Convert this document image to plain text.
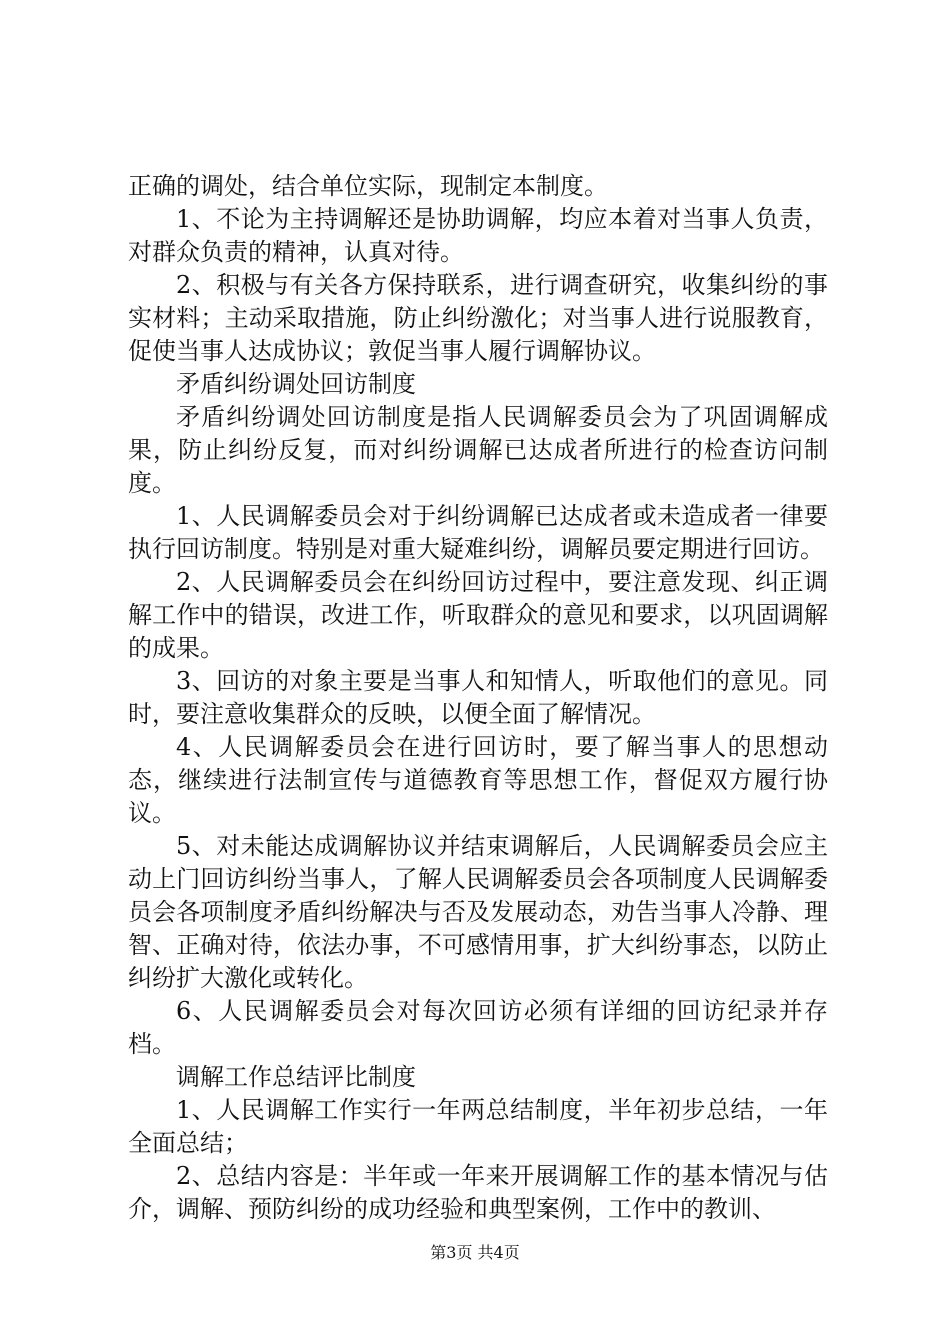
正确的调处，结合单位实际，现制定本制度。

1、不论为主持调解还是协助调解，均应本着对当事人负责，对群众负责的精神，认真对待。

2、积极与有关各方保持联系，进行调查研究，收集纠纷的事实材料；主动采取措施，防止纠纷激化；对当事人进行说服教育，促使当事人达成协议；敦促当事人履行调解协议。

矛盾纠纷调处回访制度

矛盾纠纷调处回访制度是指人民调解委员会为了巩固调解成果，防止纠纷反复，而对纠纷调解已达成者所进行的检查访问制度。

1、人民调解委员会对于纠纷调解已达成者或未造成者一律要执行回访制度。特别是对重大疑难纠纷，调解员要定期进行回访。

2、人民调解委员会在纠纷回访过程中，要注意发现、纠正调解工作中的错误，改进工作，听取群众的意见和要求，以巩固调解的成果。

3、回访的对象主要是当事人和知情人，听取他们的意见。同时，要注意收集群众的反映，以便全面了解情况。

4、人民调解委员会在进行回访时，要了解当事人的思想动态，继续进行法制宣传与道德教育等思想工作，督促双方履行协议。

5、对未能达成调解协议并结束调解后，人民调解委员会应主动上门回访纠纷当事人，了解人民调解委员会各项制度人民调解委员会各项制度矛盾纠纷解决与否及发展动态，劝告当事人冷静、理智、正确对待，依法办事，不可感情用事，扩大纠纷事态，以防止纠纷扩大激化或转化。

6、人民调解委员会对每次回访必须有详细的回访纪录并存档。

调解工作总结评比制度

1、人民调解工作实行一年两总结制度，半年初步总结，一年全面总结；

2、总结内容是：半年或一年来开展调解工作的基本情况与估介，调解、预防纠纷的成功经验和典型案例，工作中的教训、

第3页 共4页
